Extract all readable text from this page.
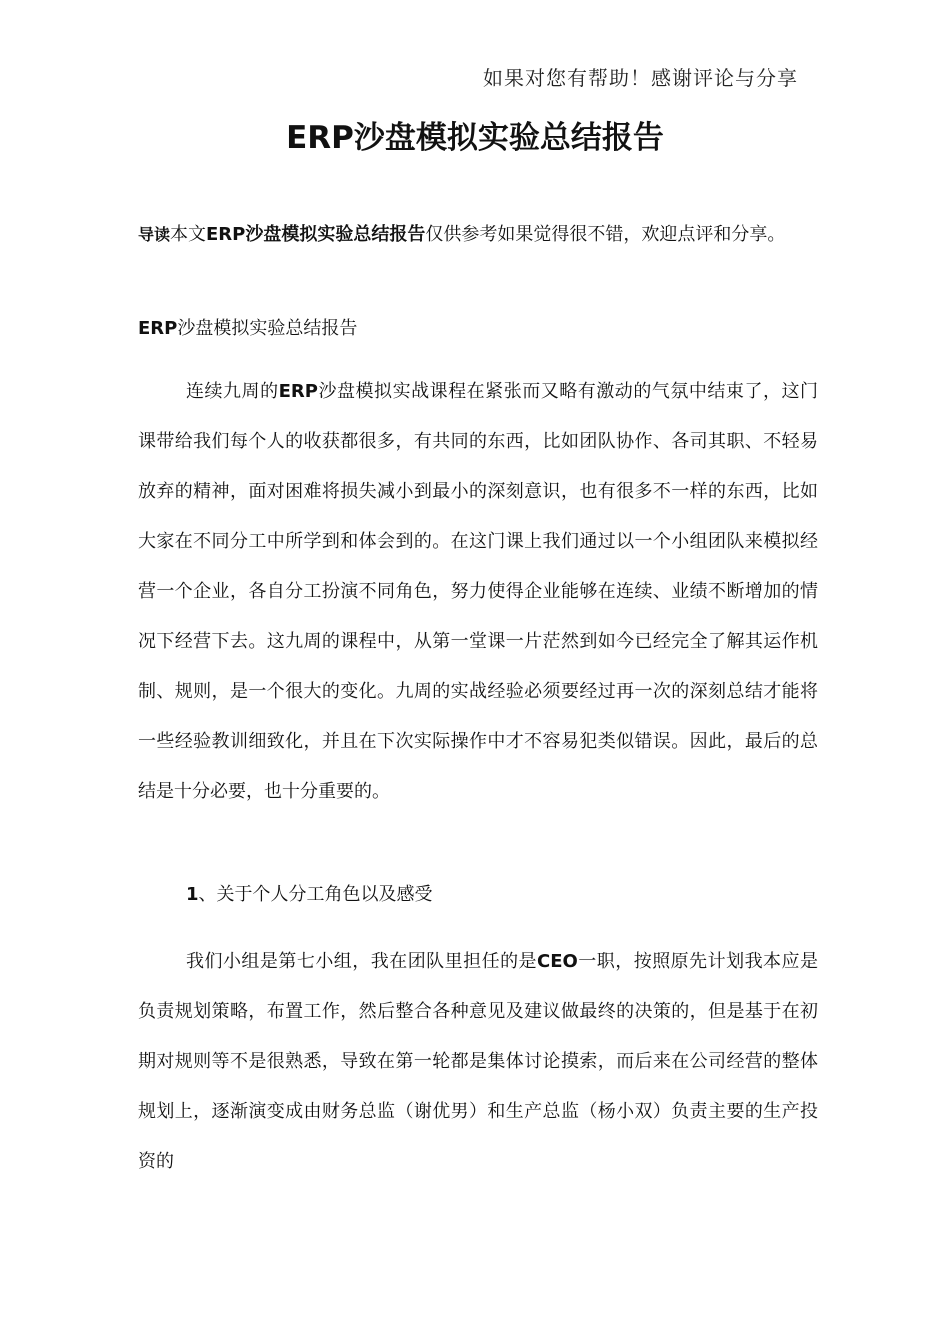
如果对您有帮助！感谢评论与分享
ERP沙盘模拟实验总结报告
导读本文ERP沙盘模拟实验总结报告仅供参考如果觉得很不错，欢迎点评和分享。
ERP沙盘模拟实验总结报告
连续九周的ERP沙盘模拟实战课程在紧张而又略有激动的气氛中结束了，这门课带给我们每个人的收获都很多，有共同的东西，比如团队协作、各司其职、不轻易放弃的精神，面对困难将损失减小到最小的深刻意识，也有很多不一样的东西，比如大家在不同分工中所学到和体会到的。在这门课上我们通过以一个小组团队来模拟经营一个企业，各自分工扮演不同角色，努力使得企业能够在连续、业绩不断增加的情况下经营下去。这九周的课程中，从第一堂课一片茫然到如今已经完全了解其运作机制、规则，是一个很大的变化。九周的实战经验必须要经过再一次的深刻总结才能将一些经验教训细致化，并且在下次实际操作中才不容易犯类似错误。因此，最后的总结是十分必要，也十分重要的。
1、关于个人分工角色以及感受
我们小组是第七小组，我在团队里担任的是CEO一职，按照原先计划我本应是负责规划策略，布置工作，然后整合各种意见及建议做最终的决策的，但是基于在初期对规则等不是很熟悉，导致在第一轮都是集体讨论摸索，而后来在公司经营的整体规划上，逐渐演变成由财务总监（谢优男）和生产总监（杨小双）负责主要的生产投资的
